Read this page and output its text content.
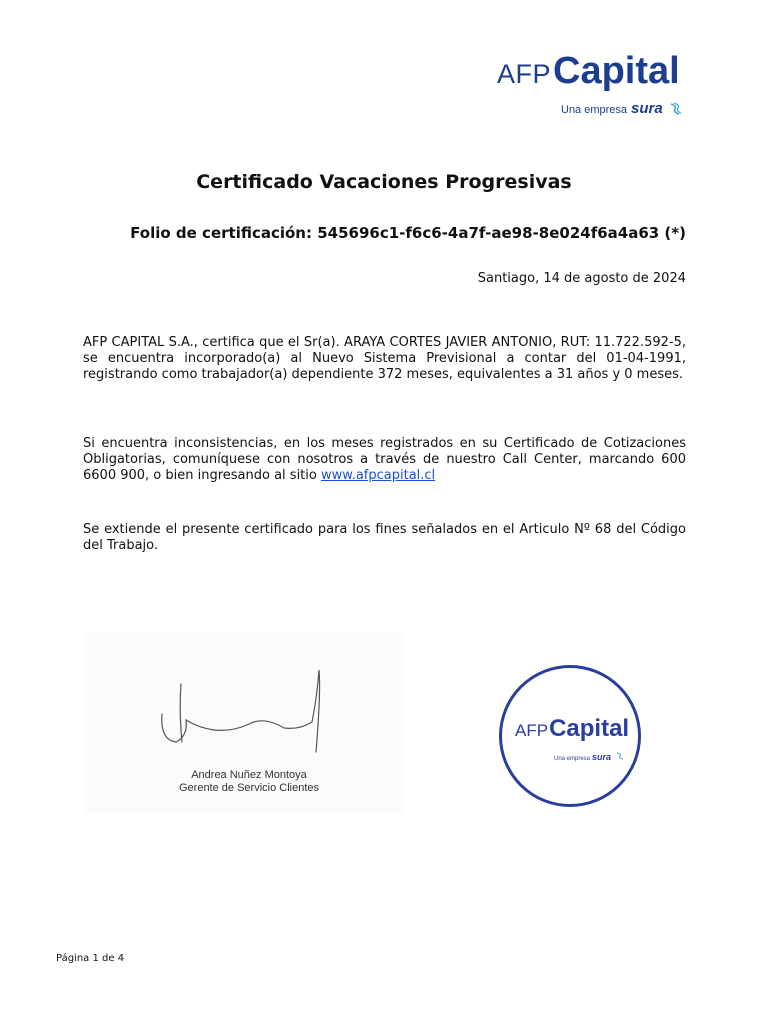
AFPCapital
Una empresa sura
Certificado Vacaciones Progresivas

Folio de certificación: 545696c1-f6c6-4a7f-ae98-8e024f6a4a63 (*)

Santiago, 14 de agosto de 2024

AFP CAPITAL S.A., certifica que el Sr(a). ARAYA CORTES JAVIER ANTONIO, RUT: 11.722.592-5, se encuentra incorporado(a) al Nuevo Sistema Previsional a contar del 01-04-1991, registrando como trabajador(a) dependiente 372 meses, equivalentes a 31 años y 0 meses.

Si encuentra inconsistencias, en los meses registrados en su Certificado de Cotizaciones Obligatorias, comuníquese con nosotros a través de nuestro Call Center, marcando 600 6600 900, o bien ingresando al sitio www.afpcapital.cl

Se extiende el presente certificado para los fines señalados en el Articulo Nº 68 del Código del Trabajo.

Andrea Nuñez Montoya
Gerente de Servicio Clientes
AFPCapital
Una empresa sura

Página 1 de 4
